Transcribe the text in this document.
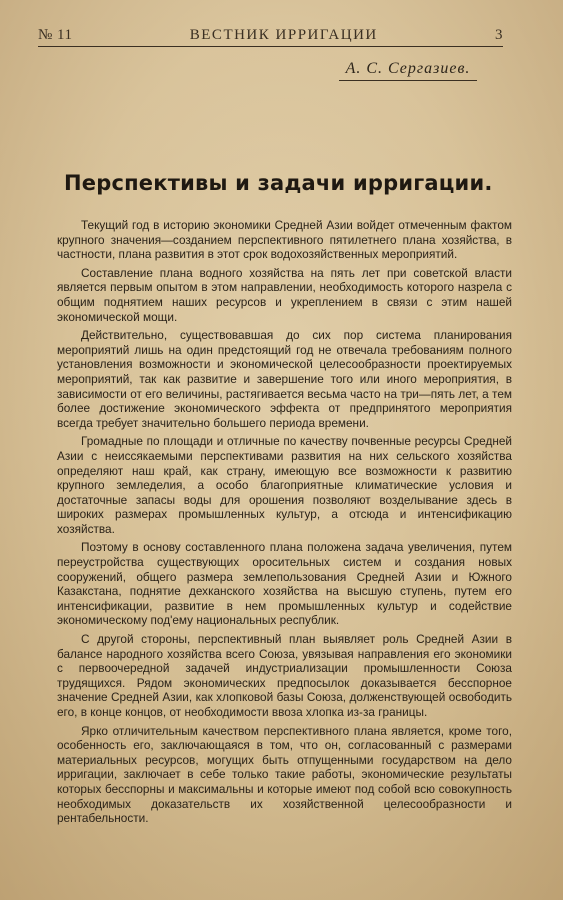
№ 11	ВЕСТНИК ИРРИГАЦИИ	3
А. С. Сергазиев.
Перспективы и задачи ирригации.

Текущий год в историю экономики Средней Азии войдет отмеченным фактом крупного значения—созданием перспективного пятилетнего плана хозяйства, в частности, плана развития в этот срок водохозяйственных мероприятий.

Составление плана водного хозяйства на пять лет при советской власти является первым опытом в этом направлении, необходимость которого назрела с общим поднятием наших ресурсов и укреплением в связи с этим нашей экономической мощи.

Действительно, существовавшая до сих пор система планирования мероприятий лишь на один предстоящий год не отвечала требованиям полного установления возможности и экономической целесообразности проектируемых мероприятий, так как развитие и завершение того или иного мероприятия, в зависимости от его величины, растягивается весьма часто на три—пять лет, а тем более достижение экономического эффекта от предпринятого мероприятия всегда требует значительно большего периода времени.

Громадные по площади и отличные по качеству почвенные ресурсы Средней Азии с неиссякаемыми перспективами развития на них сельского хозяйства определяют наш край, как страну, имеющую все возможности к развитию крупного земледелия, а особо благоприятные климатические условия и достаточные запасы воды для орошения позволяют возделывание здесь в широких размерах промышленных культур, а отсюда и интенсификацию хозяйства.

Поэтому в основу составленного плана положена задача увеличения, путем переустройства существующих оросительных систем и создания новых сооружений, общего размера землепользования Средней Азии и Южного Казакстана, поднятие дехканского хозяйства на высшую ступень, путем его интенсификации, развитие в нем промышленных культур и содействие экономическому под'ему национальных республик.

С другой стороны, перспективный план выявляет роль Средней Азии в балансе народного хозяйства всего Союза, увязывая направления его экономики с первоочередной задачей индустриализации промышленности Союза трудящихся. Рядом экономических предпосылок доказывается бесспорное значение Средней Азии, как хлопковой базы Союза, долженствующей освободить его, в конце концов, от необходимости ввоза хлопка из-за границы.

Ярко отличительным качеством перспективного плана является, кроме того, особенность его, заключающаяся в том, что он, согласованный с размерами материальных ресурсов, могущих быть отпущенными государством на дело ирригации, заключает в себе только такие работы, экономические результаты которых бесспорны и максимальны и которые имеют под собой всю совокупность необходимых доказательств их хозяйственной целесообразности и рентабельности.
